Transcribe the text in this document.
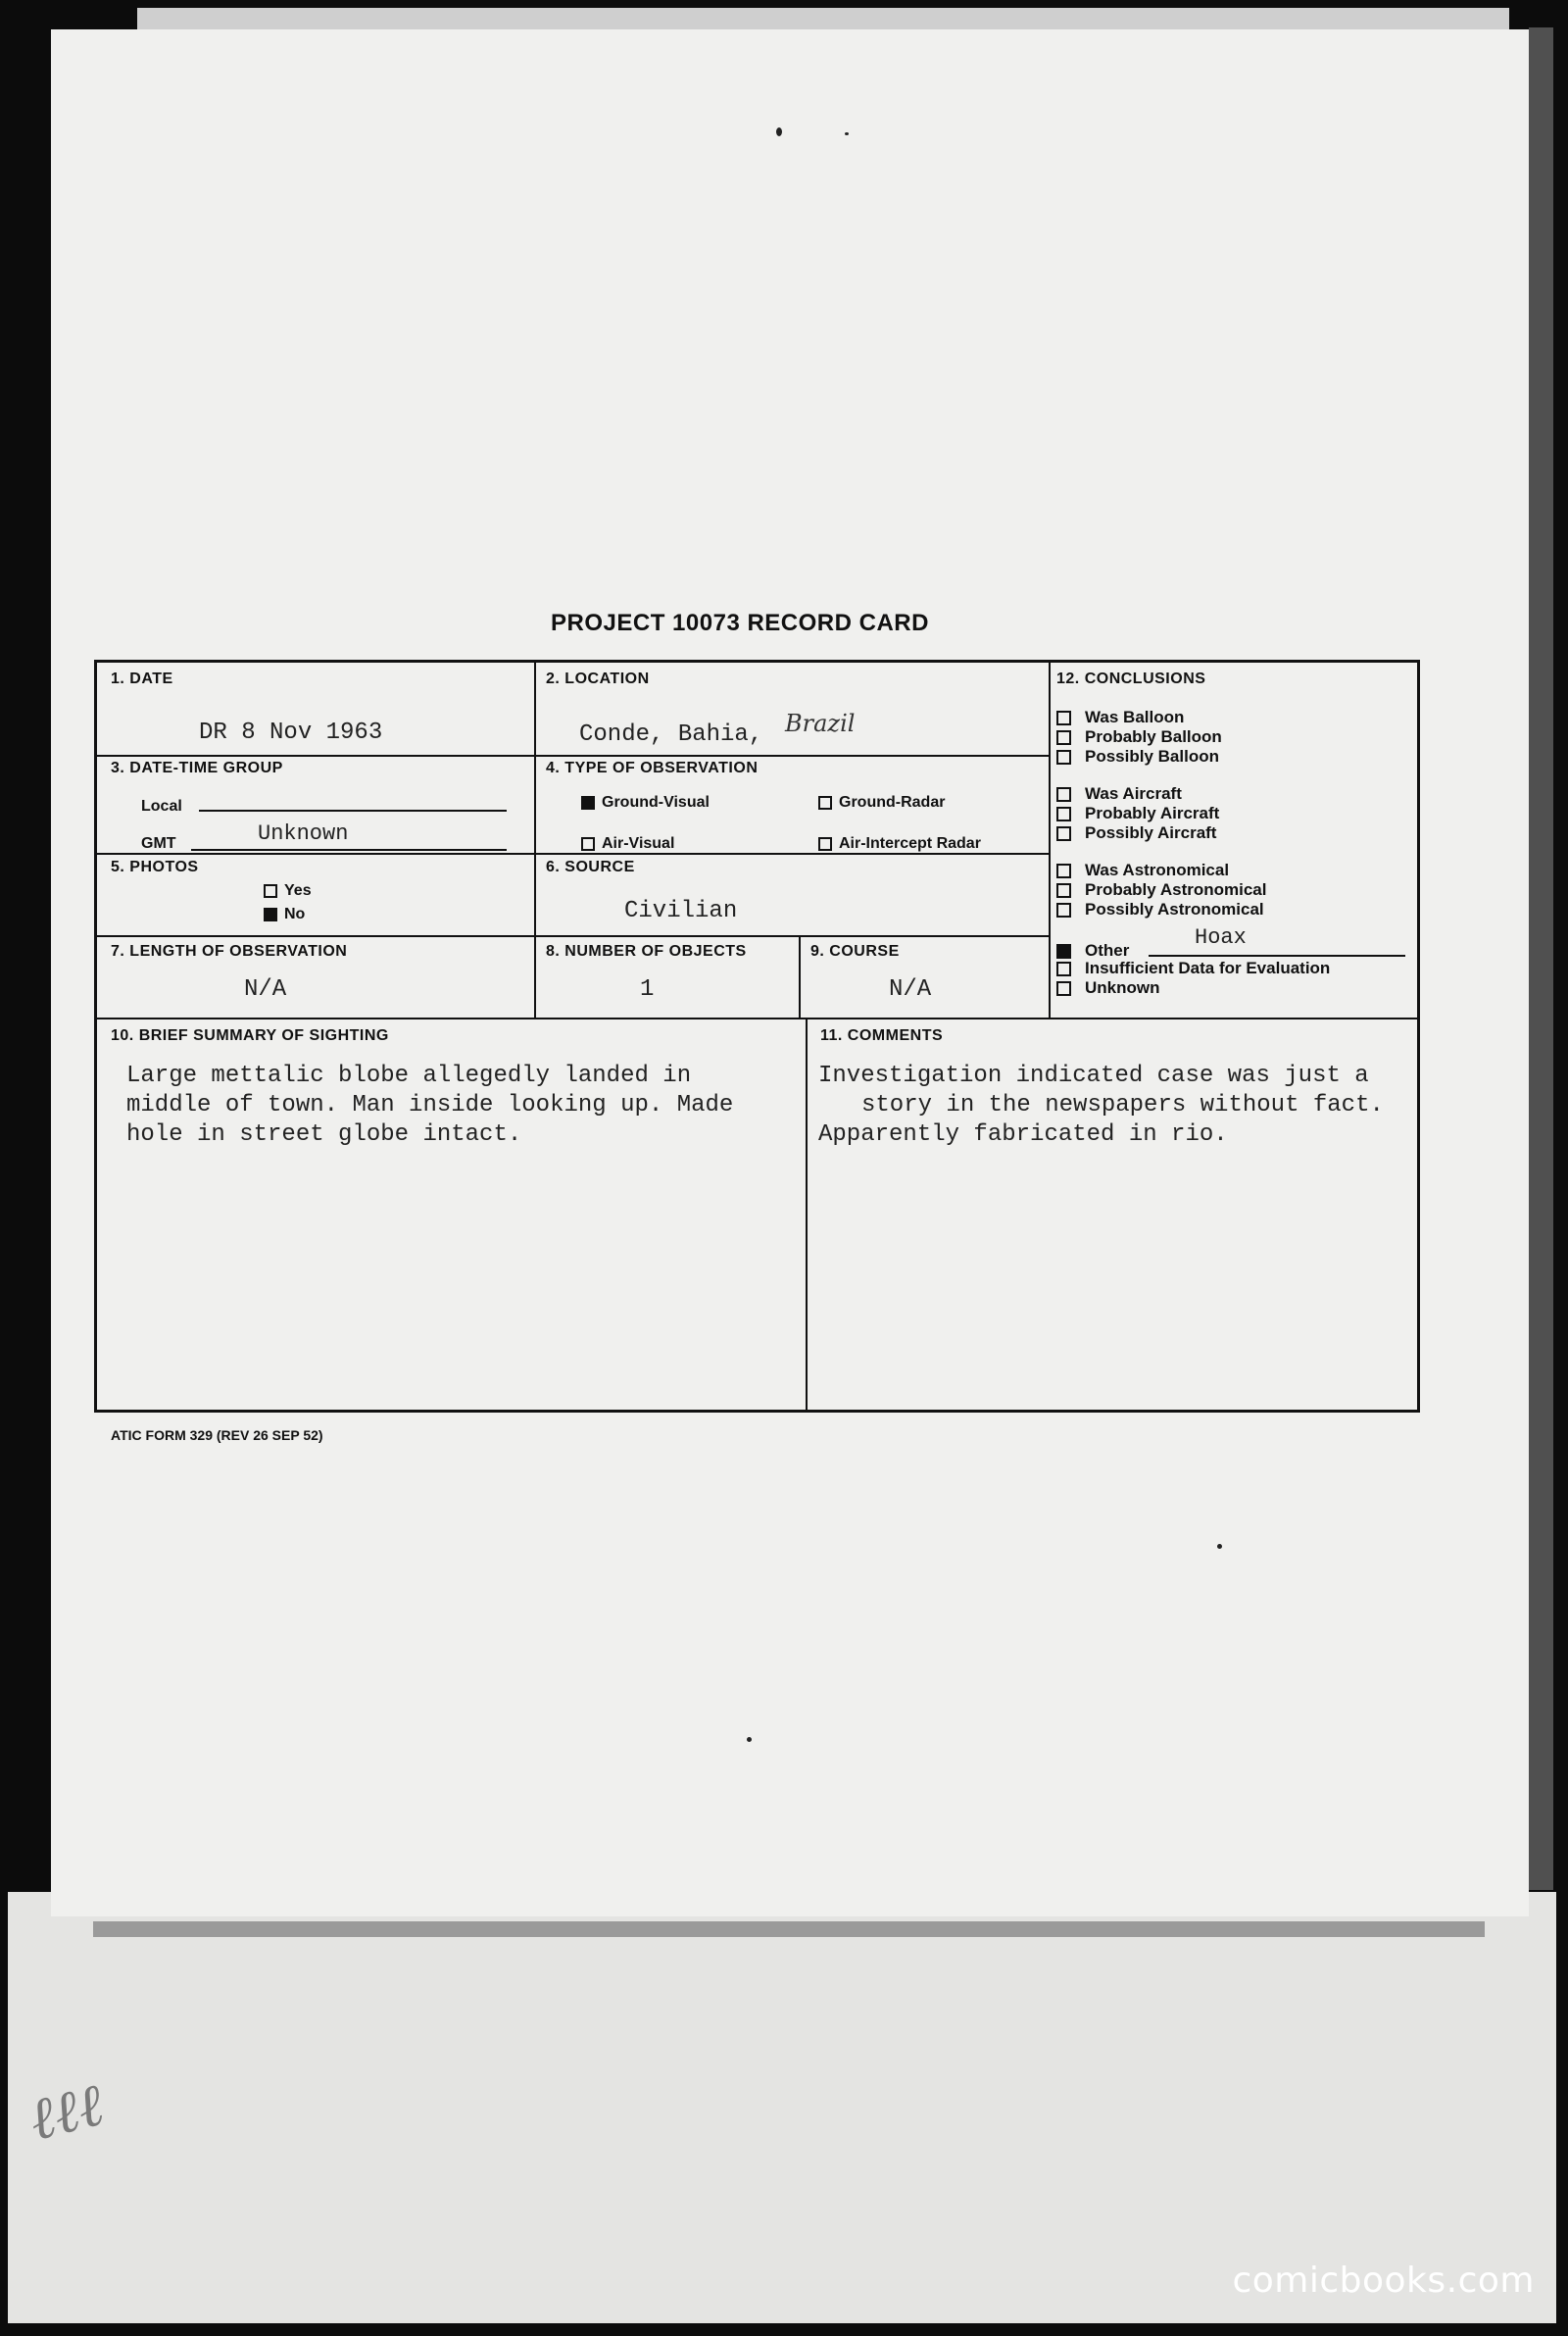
ℓℓℓ
PROJECT 10073 RECORD CARD
1. DATE
DR 8 Nov 1963
2. LOCATION
Conde, Bahia, Brazil
3. DATE-TIME GROUP
Local
GMT	Unknown
4. TYPE OF OBSERVATION
Ground-Visual	Ground-Radar
Air-Visual	Air-Intercept Radar
5. PHOTOS
Yes
No
6. SOURCE
Civilian
7. LENGTH OF OBSERVATION
N/A
8. NUMBER OF OBJECTS
1
9. COURSE
N/A
12. CONCLUSIONS
Was Balloon
Probably Balloon
Possibly Balloon
Was Aircraft
Probably Aircraft
Possibly Aircraft
Was Astronomical
Probably Astronomical
Possibly Astronomical
Other
Hoax
Insufficient Data for Evaluation
Unknown
10. BRIEF SUMMARY OF SIGHTING
Large mettalic blobe allegedly landed in
middle of town. Man inside looking up. Made
hole in street globe intact.
11. COMMENTS
Investigation indicated case was just a
story in the newspapers without fact.
Apparently fabricated in rio.
ATIC FORM 329 (REV 26 SEP 52)
comicbooks.com
